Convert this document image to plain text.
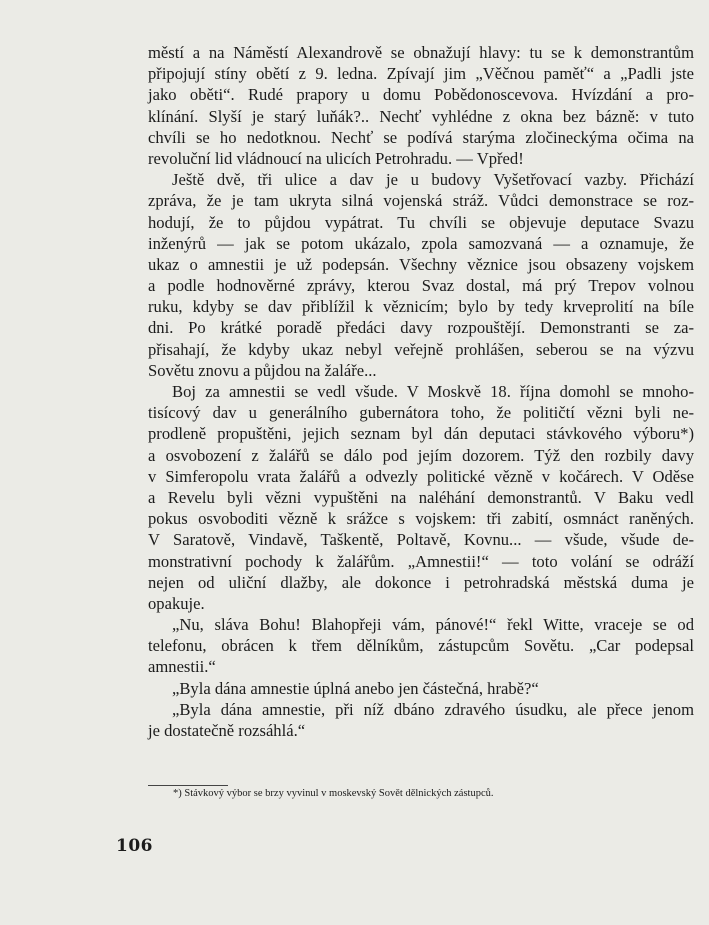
městí a na Náměstí Alexandrově se obnažují hlavy: tu se k demonstrantům
připojují stíny obětí z 9. ledna. Zpívají jim „Věčnou paměť“ a „Padli jste
jako oběti“. Rudé prapory u domu Pobědonoscevova. Hvízdání a pro-
klínání. Slyší je starý luňák?.. Nechť vyhlédne z okna bez bázně: v tuto
chvíli se ho nedotknou. Nechť se podívá starýma zločineckýma očima na
revoluční lid vládnoucí na ulicích Petrohradu. — Vpřed!
Ještě dvě, tři ulice a dav je u budovy Vyšetřovací vazby. Přichází
zpráva, že je tam ukryta silná vojenská stráž. Vůdci demonstrace se roz-
hodují, že to půjdou vypátrat. Tu chvíli se objevuje deputace Svazu
inženýrů — jak se potom ukázalo, zpola samozvaná — a oznamuje, že
ukaz o amnestii je už podepsán. Všechny věznice jsou obsazeny vojskem
a podle hodnověrné zprávy, kterou Svaz dostal, má prý Trepov volnou
ruku, kdyby se dav přiblížil k věznicím; bylo by tedy krveprolití na bíle
dni. Po krátké poradě předáci davy rozpouštějí. Demonstranti se za-
přisahají, že kdyby ukaz nebyl veřejně prohlášen, seberou se na výzvu
Sovětu znovu a půjdou na žaláře...
Boj za amnestii se vedl všude. V Moskvě 18. října domohl se mnoho-
tisícový dav u generálního gubernátora toho, že političtí vězni byli ne-
prodleně propuštěni, jejich seznam byl dán deputaci stávkového výboru*)
a osvobození z žalářů se dálo pod jejím dozorem. Týž den rozbily davy
v Simferopolu vrata žalářů a odvezly politické vězně v kočárech. V Oděse
a Revelu byli vězni vypuštěni na naléhání demonstrantů. V Baku vedl
pokus osvoboditi vězně k srážce s vojskem: tři zabití, osmnáct raněných.
V Saratově, Vindavě, Taškentě, Poltavě, Kovnu... — všude, všude de-
monstrativní pochody k žalářům. „Amnestii!“ — toto volání se odráží
nejen od uliční dlažby, ale dokonce i petrohradská městská duma je
opakuje.
„Nu, sláva Bohu! Blahopřeji vám, pánové!“ řekl Witte, vraceje se od
telefonu, obrácen k třem dělníkům, zástupcům Sovětu. „Car podepsal
amnestii.“
„Byla dána amnestie úplná anebo jen částečná, hrabě?“
„Byla dána amnestie, při níž dbáno zdravého úsudku, ale přece jenom
je dostatečně rozsáhlá.“
*) Stávkový výbor se brzy vyvinul v moskevský Sovět dělnických zástupců.
106
